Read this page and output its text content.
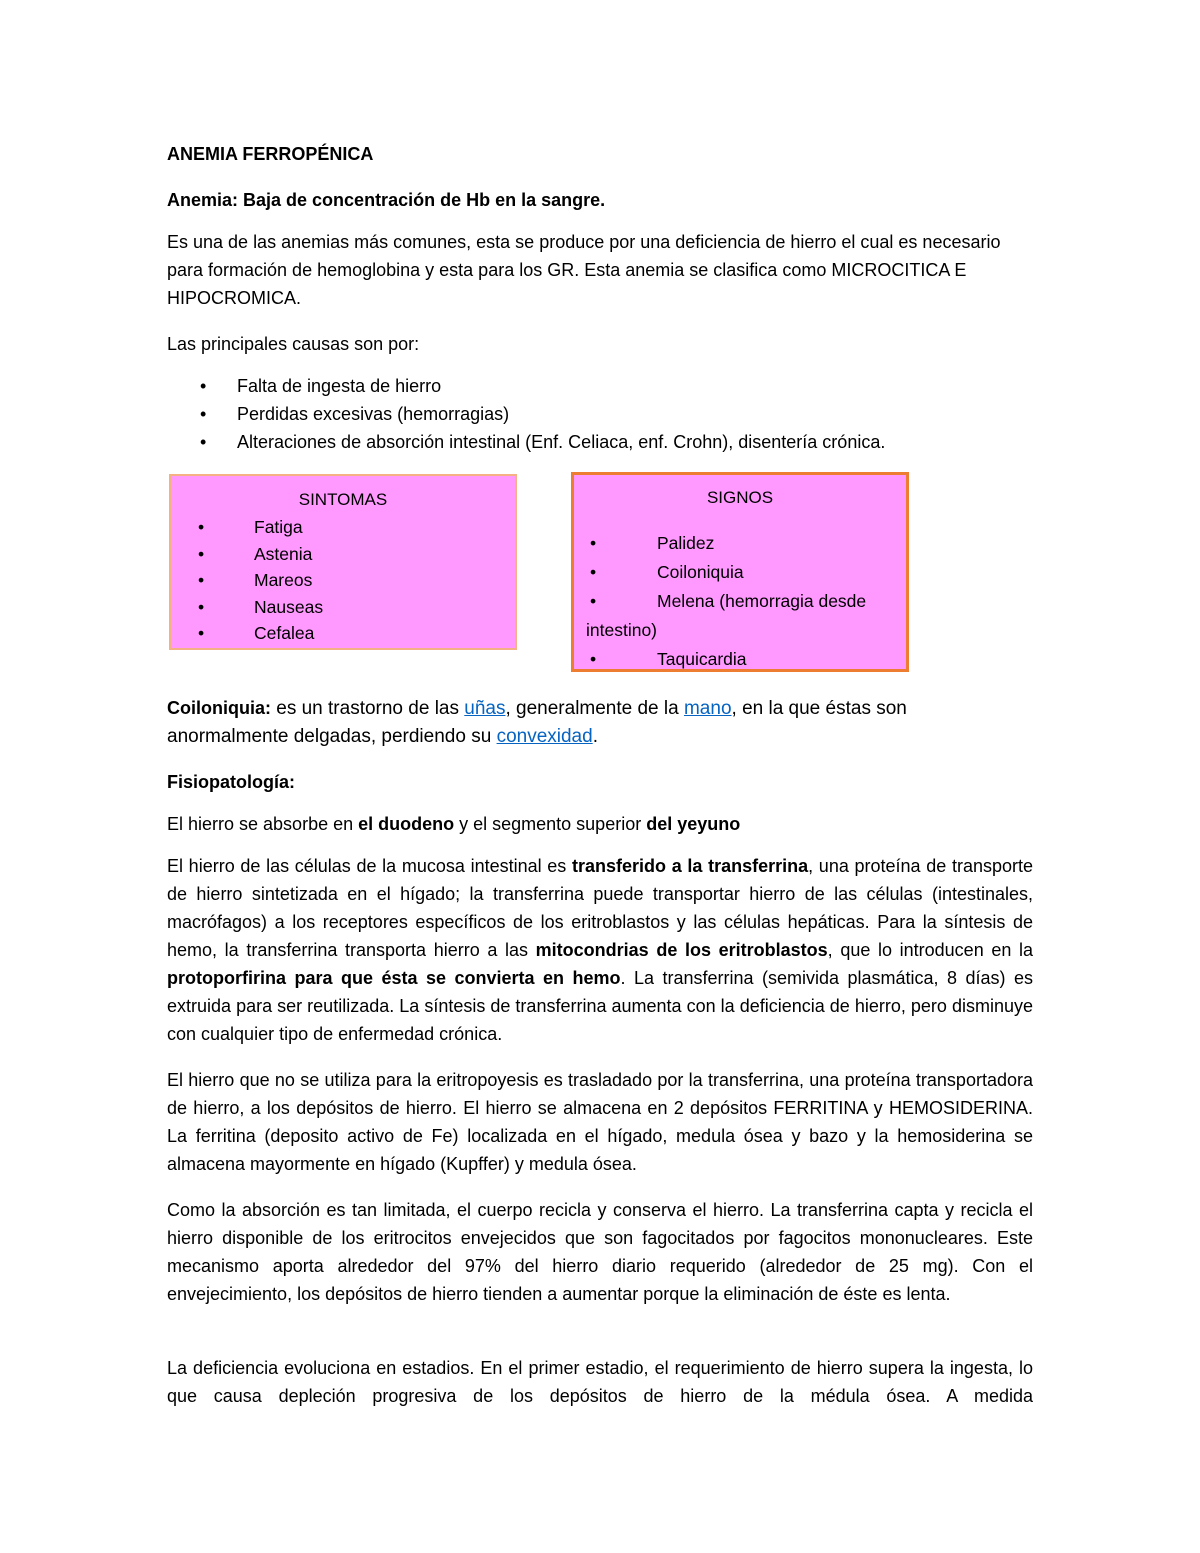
ANEMIA FERROPÉNICA

Anemia: Baja de concentración de Hb en la sangre.

Es una de las anemias más comunes, esta se produce por una deficiencia de hierro el cual es necesario para formación de hemoglobina y esta para los GR. Esta anemia se clasifica como MICROCITICA E HIPOCROMICA.

Las principales causas son por:

• Falta de ingesta de hierro
• Perdidas excesivas (hemorragias)
• Alteraciones de absorción intestinal (Enf. Celiaca, enf. Crohn), disentería crónica.
SINTOMAS
• Fatiga
• Astenia
• Mareos
• Nauseas
• Cefalea
SIGNOS
• Palidez
• Coiloniquia
• Melena (hemorragia desde intestino)
• Taquicardia

Coiloniquia: es un trastorno de las uñas, generalmente de la mano, en la que éstas son anormalmente delgadas, perdiendo su convexidad.

Fisiopatología:

El hierro se absorbe en el duodeno y el segmento superior del yeyuno

El hierro de las células de la mucosa intestinal es transferido a la transferrina, una proteína de transporte de hierro sintetizada en el hígado; la transferrina puede transportar hierro de las células (intestinales, macrófagos) a los receptores específicos de los eritroblastos y las células hepáticas. Para la síntesis de hemo, la transferrina transporta hierro a las mitocondrias de los eritroblastos, que lo introducen en la protoporfirina para que ésta se convierta en hemo. La transferrina (semivida plasmática, 8 días) es extruida para ser reutilizada. La síntesis de transferrina aumenta con la deficiencia de hierro, pero disminuye con cualquier tipo de enfermedad crónica.

El hierro que no se utiliza para la eritropoyesis es trasladado por la transferrina, una proteína transportadora de hierro, a los depósitos de hierro. El hierro se almacena en 2 depósitos FERRITINA y HEMOSIDERINA. La ferritina (deposito activo de Fe) localizada en el hígado, medula ósea y bazo y la hemosiderina se almacena mayormente en hígado (Kupffer) y medula ósea.

Como la absorción es tan limitada, el cuerpo recicla y conserva el hierro. La transferrina capta y recicla el hierro disponible de los eritrocitos envejecidos que son fagocitados por fagocitos mononucleares. Este mecanismo aporta alrededor del 97% del hierro diario requerido (alrededor de 25 mg). Con el envejecimiento, los depósitos de hierro tienden a aumentar porque la eliminación de éste es lenta.

La deficiencia evoluciona en estadios. En el primer estadio, el requerimiento de hierro supera la ingesta, lo que causa depleción progresiva de los depósitos de hierro de la médula ósea. A medida
